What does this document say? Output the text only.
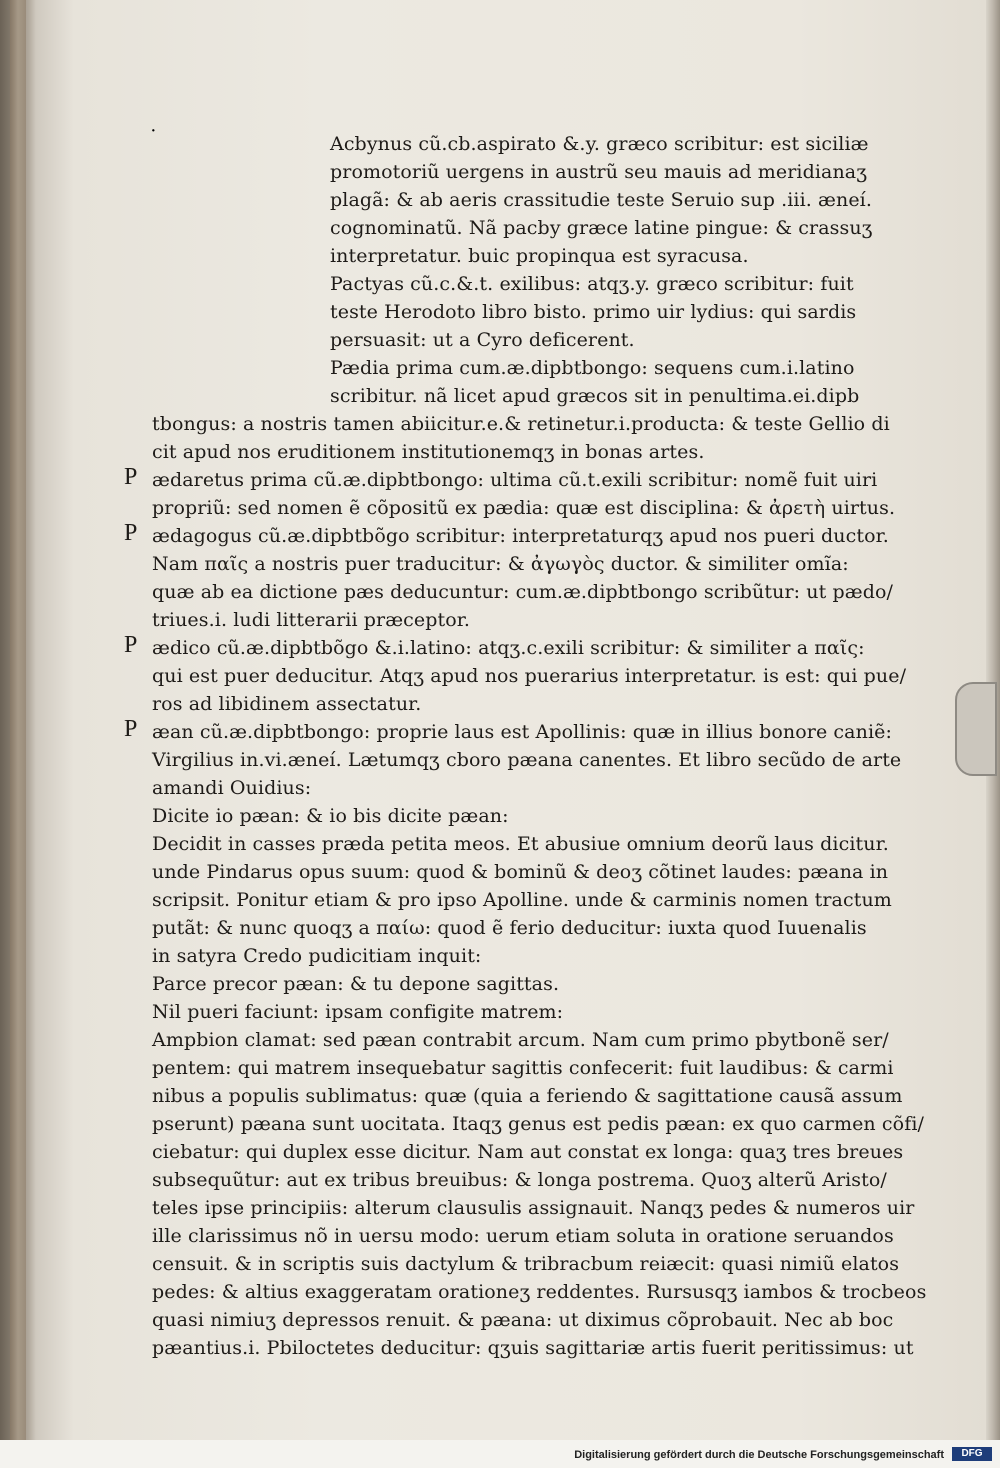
·
Acbynus cũ.cb.aspirato &.y. græco scribitur: est siciliæ
promotoriũ uergens in austrũ seu mauis ad meridianaʒ
plagã: & ab aeris crassitudie teste Seruio sup .iii. æneí.
cognominatũ. Nã pacby græce latine pingue: & crassuʒ
interpretatur. buic propinqua est syracusa.
Pactyas cũ.c.&.t. exilibus: atqʒ.y. græco scribitur: fuit
teste Herodoto libro bisto. primo uir lydius: qui sardis
persuasit: ut a Cyro deficerent.
Pædia prima cum.æ.dipbtbongo: sequens cum.i.latino
scribitur. nã licet apud græcos sit in penultima.ei.dipb
tbongus: a nostris tamen abiicitur.e.& retinetur.i.producta: & teste Gellio di
cit apud nos eruditionem institutionemqʒ in bonas artes.
P ædaretus prima cũ.æ.dipbtbongo: ultima cũ.t.exili scribitur: nomẽ fuit uiri
propriũ: sed nomen ẽ cõpositũ ex pædia: quæ est disciplina: & ἀρετὴ uirtus.
P ædagogus cũ.æ.dipbtbõgo scribitur: interpretaturqʒ apud nos pueri ductor.
Nam παῖς a nostris puer traducitur: & ἀγωγὸς ductor. & similiter omĩa:
quæ ab ea dictione pæs deducuntur: cum.æ.dipbtbongo scribũtur: ut pædo/
triues.i. ludi litterarii præceptor.
P ædico cũ.æ.dipbtbõgo &.i.latino: atqʒ.c.exili scribitur: & similiter a παῖς:
qui est puer deducitur. Atqʒ apud nos puerarius interpretatur. is est: qui pue/
ros ad libidinem assectatur.
P æan cũ.æ.dipbtbongo: proprie laus est Apollinis: quæ in illius bonore caniẽ:
Virgilius in.vi.æneí. Lætumqʒ cboro pæana canentes. Et libro secũdo de arte
amandi Ouidius:
Dicite io pæan: & io bis dicite pæan:
Decidit in casses præda petita meos. Et abusiue omnium deorũ laus dicitur.
unde Pindarus opus suum: quod & bominũ & deoʒ cõtinet laudes: pæana in
scripsit. Ponitur etiam & pro ipso Apolline. unde & carminis nomen tractum
putãt: & nunc quoqʒ a παίω: quod ẽ ferio deducitur: iuxta quod Iuuenalis
in satyra Credo pudicitiam inquit:
Parce precor pæan: & tu depone sagittas.
Nil pueri faciunt: ipsam configite matrem:
Ampbion clamat: sed pæan contrabit arcum. Nam cum primo pbytbonẽ ser/
pentem: qui matrem insequebatur sagittis confecerit: fuit laudibus: & carmi
nibus a populis sublimatus: quæ (quia a feriendo & sagittatione causã assum
pserunt) pæana sunt uocitata. Itaqʒ genus est pedis pæan: ex quo carmen cõfi/
ciebatur: qui duplex esse dicitur. Nam aut constat ex longa: quaʒ tres breues
subsequũtur: aut ex tribus breuibus: & longa postrema. Quoʒ alterũ Aristo/
teles ipse principiis: alterum clausulis assignauit. Nanqʒ pedes & numeros uir
ille clarissimus nõ in uersu modo: uerum etiam soluta in oratione seruandos
censuit. & in scriptis suis dactylum & tribracbum reiæcit: quasi nimiũ elatos
pedes: & altius exaggeratam orationeʒ reddentes. Rursusqʒ iambos & trocbeos
quasi nimiuʒ depressos renuit. & pæana: ut diximus cõprobauit. Nec ab boc
pæantius.i. Pbiloctetes deducitur: qʒuis sagittariæ artis fuerit peritissimus: ut
Digitalisierung gefördert durch die Deutsche Forschungsgemeinschaft	DFG
